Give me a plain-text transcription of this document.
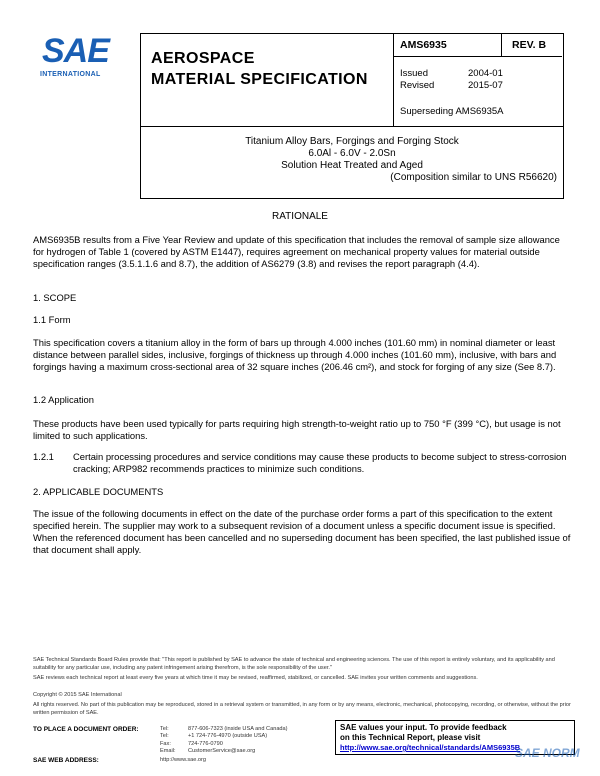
SAE
INTERNATIONAL
AEROSPACE
MATERIAL SPECIFICATION
AMS6935	REV. B
Issued	2004-01
Revised	2015-07
Superseding AMS6935A
Titanium Alloy Bars, Forgings and Forging Stock
6.0Al - 6.0V - 2.0Sn
Solution Heat Treated and Aged
(Composition similar to UNS R56620)
RATIONALE
AMS6935B results from a Five Year Review and update of this specification that includes the removal of sample size allowance for hydrogen of Table 1 (covered by ASTM E1447), requires agreement on mechanical property values for material outside specification ranges (3.5.1.1.6 and 8.7), the addition of AS6279 (3.8) and revises the report paragraph (4.4).
1. SCOPE
1.1 Form
This specification covers a titanium alloy in the form of bars up through 4.000 inches (101.60 mm) in nominal diameter or least distance between parallel sides, inclusive, forgings of thickness up through 4.000 inches (101.60 mm), inclusive, with bars and forgings having a maximum cross-sectional area of 32 square inches (206.46 cm²), and stock for forging of any size (See 8.7).
1.2 Application
These products have been used typically for parts requiring high strength-to-weight ratio up to 750 °F (399 °C), but usage is not limited to such applications.
1.2.1	Certain processing procedures and service conditions may cause these products to become subject to stress-corrosion cracking; ARP982 recommends practices to minimize such conditions.
2. APPLICABLE DOCUMENTS
The issue of the following documents in effect on the date of the purchase order forms a part of this specification to the extent specified herein. The supplier may work to a subsequent revision of a document unless a specific document issue is specified. When the referenced document has been cancelled and no superseding document has been specified, the last published issue of that document shall apply.
SAE Technical Standards Board Rules provide that: "This report is published by SAE to advance the state of technical and engineering sciences. The use of this report is entirely voluntary, and its applicability and suitability for any particular use, including any patent infringement arising therefrom, is the sole responsibility of the user."
SAE reviews each technical report at least every five years at which time it may be revised, reaffirmed, stabilized, or cancelled. SAE invites your written comments and suggestions.
Copyright © 2015 SAE International
All rights reserved. No part of this publication may be reproduced, stored in a retrieval system or transmitted, in any form or by any means, electronic, mechanical, photocopying, recording, or otherwise, without the prior written permission of SAE.
TO PLACE A DOCUMENT ORDER:	Tel:	877-606-7323 (inside USA and Canada)
Tel:	+1 724-776-4970 (outside USA)
Fax:	724-776-0790
Email:	CustomerService@sae.org
SAE WEB ADDRESS:	http://www.sae.org
SAE values your input. To provide feedback
on this Technical Report, please visit
http://www.sae.org/technical/standards/AMS6935B
SAE NORM
